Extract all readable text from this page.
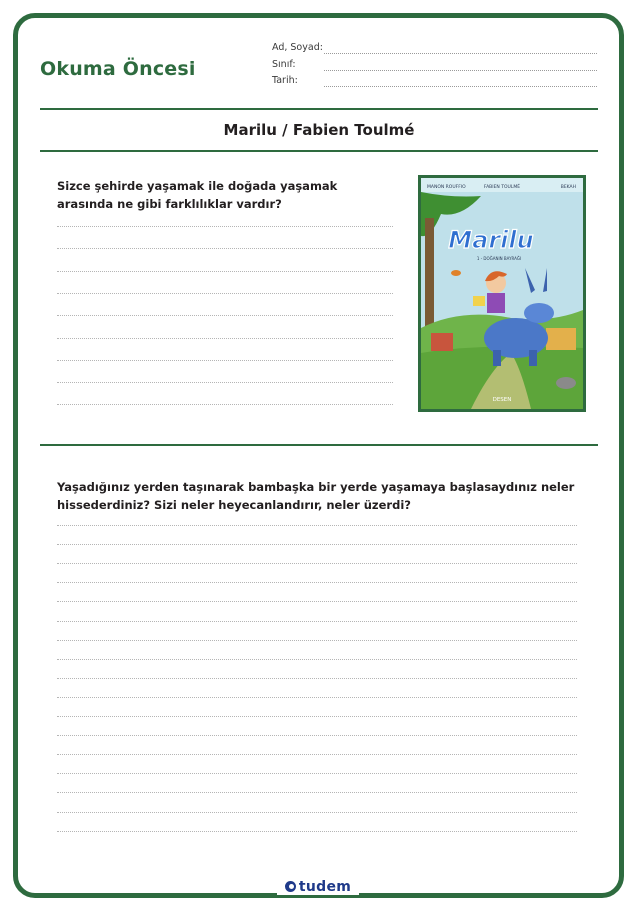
Okuma Öncesi
Ad, Soyad:
Sınıf:
Tarih:
Marilu / Fabien Toulmé
Sizce şehirde yaşamak ile doğada yaşamak arasında ne gibi farklılıklar vardır?
MANON ROUFFIO	FABIEN TOULMÉ	BEKAH
Marilu
1 - DOĞANIN BAYRAĞI
DESEN
Yaşadığınız yerden taşınarak bambaşka bir yerde yaşamaya başlasaydınız neler hissederdiniz? Sizi neler heyecanlandırır, neler üzerdi?
tudem
